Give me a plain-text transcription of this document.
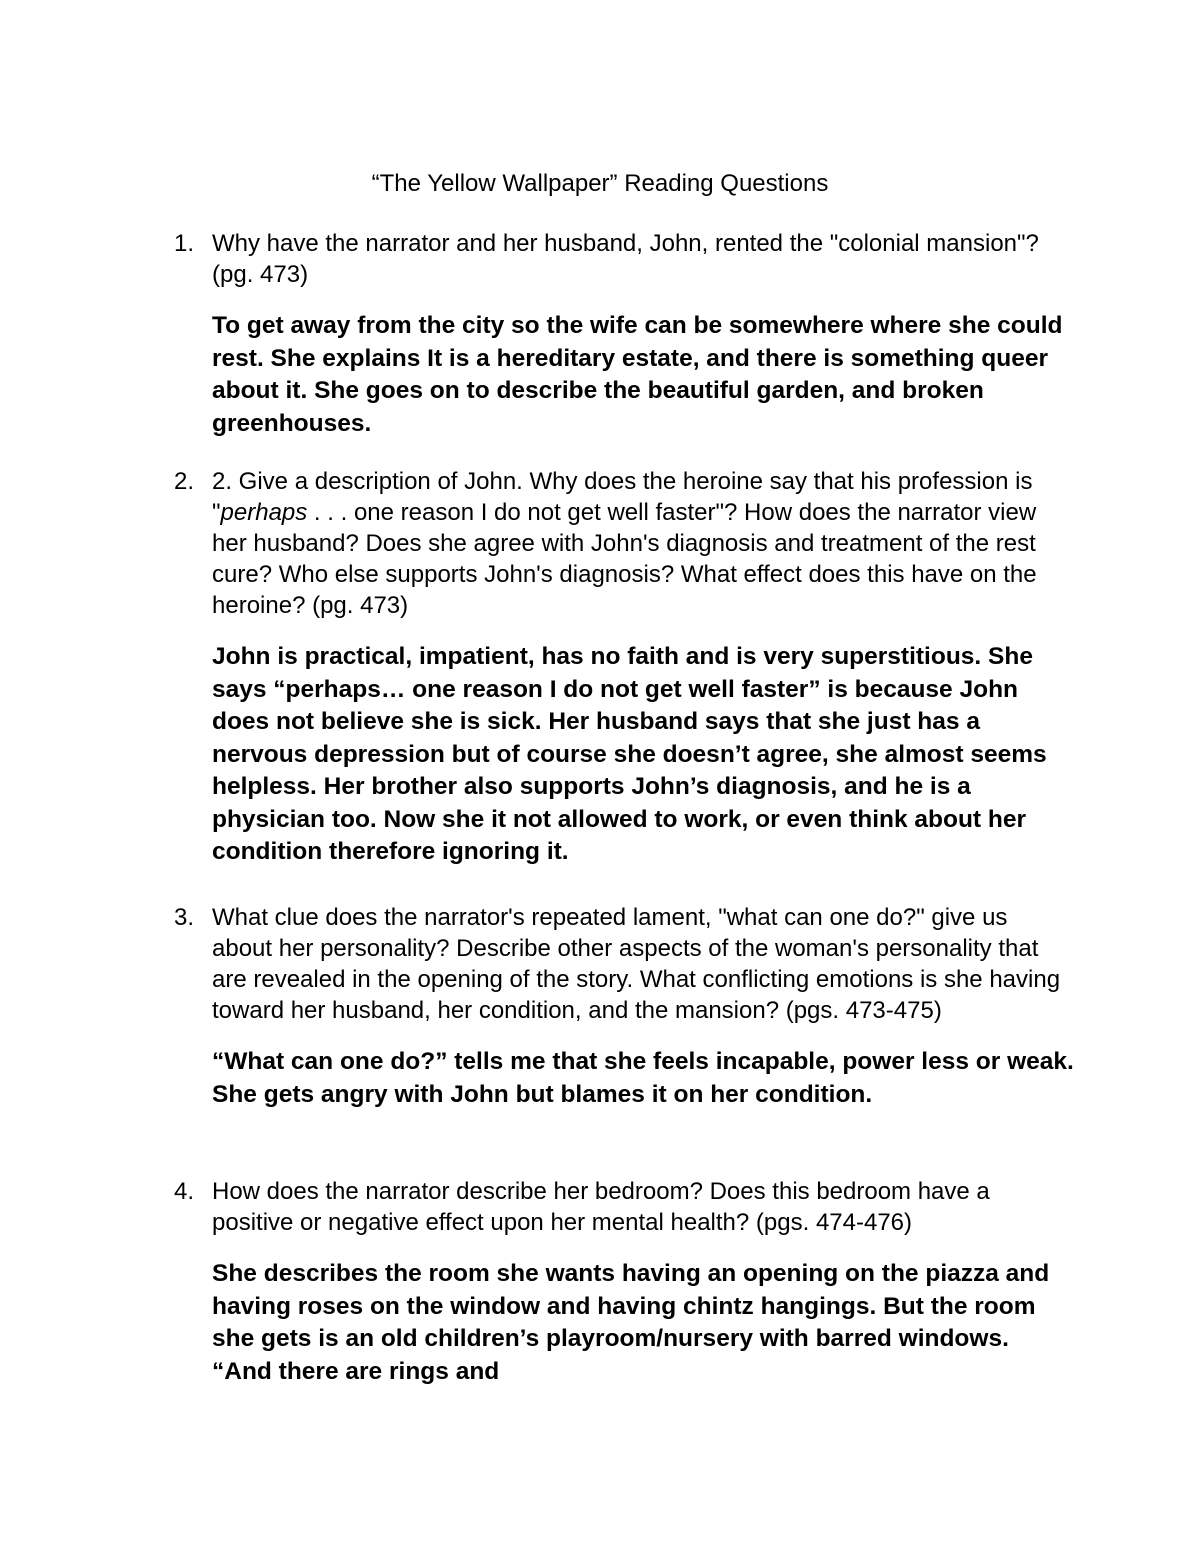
“The Yellow Wallpaper” Reading Questions
1. Why have the narrator and her husband, John, rented the "colonial mansion"? (pg. 473)
To get away from the city so the wife can be somewhere where she could rest. She explains It is a hereditary estate, and there is something queer about it. She goes on to describe the beautiful garden, and broken greenhouses.
2. 2. Give a description of John. Why does the heroine say that his profession is "perhaps . . . one reason I do not get well faster"? How does the narrator view her husband? Does she agree with John's diagnosis and treatment of the rest cure? Who else supports John's diagnosis? What effect does this have on the heroine? (pg. 473)
John is practical, impatient, has no faith and is very superstitious. She says “perhaps… one reason I do not get well faster” is because John does not believe she is sick. Her husband says that she just has a nervous depression but of course she doesn’t agree, she almost seems helpless. Her brother also supports John’s diagnosis, and he is a physician too. Now she it not allowed to work, or even think about her condition therefore ignoring it.
3. What clue does the narrator's repeated lament, "what can one do?" give us about her personality? Describe other aspects of the woman's personality that are revealed in the opening of the story. What conflicting emotions is she having toward her husband, her condition, and the mansion? (pgs. 473-475)
“What can one do?” tells me that she feels incapable, power less or weak. She gets angry with John but blames it on her condition.
4. How does the narrator describe her bedroom? Does this bedroom have a positive or negative effect upon her mental health? (pgs. 474-476)
She describes the room she wants having an opening on the piazza and having roses on the window and having chintz hangings. But the room she gets is an old children’s playroom/nursery with barred windows. “And there are rings and
